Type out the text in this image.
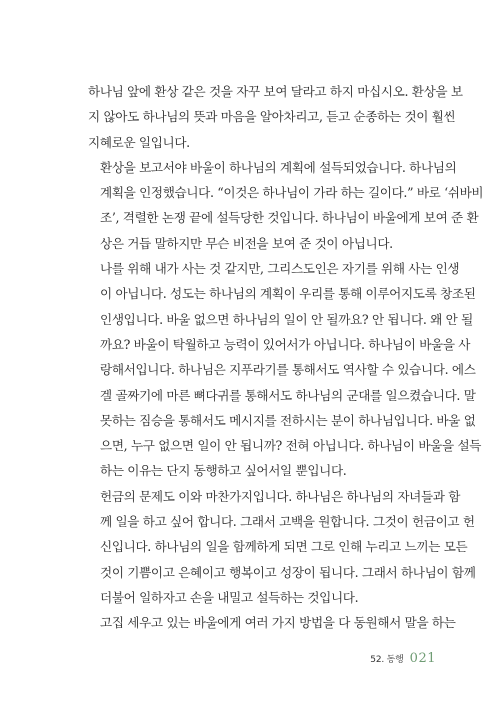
하나님 앞에 환상 같은 것을 자꾸 보여 달라고 하지 마십시오. 환상을 보
지 않아도 하나님의 뜻과 마음을 알아차리고, 듣고 순종하는 것이 훨씬
지혜로운 일입니다.

환상을 보고서야 바울이 하나님의 계획에 설득되었습니다. 하나님의
계획을 인정했습니다. “이것은 하나님이 가라 하는 길이다.” 바로 ‘쉬바비
조’, 격렬한 논쟁 끝에 설득당한 것입니다. 하나님이 바울에게 보여 준 환
상은 거듭 말하지만 무슨 비전을 보여 준 것이 아닙니다.

나를 위해 내가 사는 것 같지만, 그리스도인은 자기를 위해 사는 인생
이 아닙니다. 성도는 하나님의 계획이 우리를 통해 이루어지도록 창조된
인생입니다. 바울 없으면 하나님의 일이 안 될까요? 안 됩니다. 왜 안 될
까요? 바울이 탁월하고 능력이 있어서가 아닙니다. 하나님이 바울을 사
랑해서입니다. 하나님은 지푸라기를 통해서도 역사할 수 있습니다. 에스
겔 골짜기에 마른 뼈다귀를 통해서도 하나님의 군대를 일으켰습니다. 말
못하는 짐승을 통해서도 메시지를 전하시는 분이 하나님입니다. 바울 없
으면, 누구 없으면 일이 안 됩니까? 전혀 아닙니다. 하나님이 바울을 설득
하는 이유는 단지 동행하고 싶어서일 뿐입니다.

헌금의 문제도 이와 마찬가지입니다. 하나님은 하나님의 자녀들과 함
께 일을 하고 싶어 합니다. 그래서 고백을 원합니다. 그것이 헌금이고 헌
신입니다. 하나님의 일을 함께하게 되면 그로 인해 누리고 느끼는 모든
것이 기쁨이고 은혜이고 행복이고 성장이 됩니다. 그래서 하나님이 함께
더불어 일하자고 손을 내밀고 설득하는 것입니다.

고집 세우고 있는 바울에게 여러 가지 방법을 다 동원해서 말을 하는

52. 동행 021
